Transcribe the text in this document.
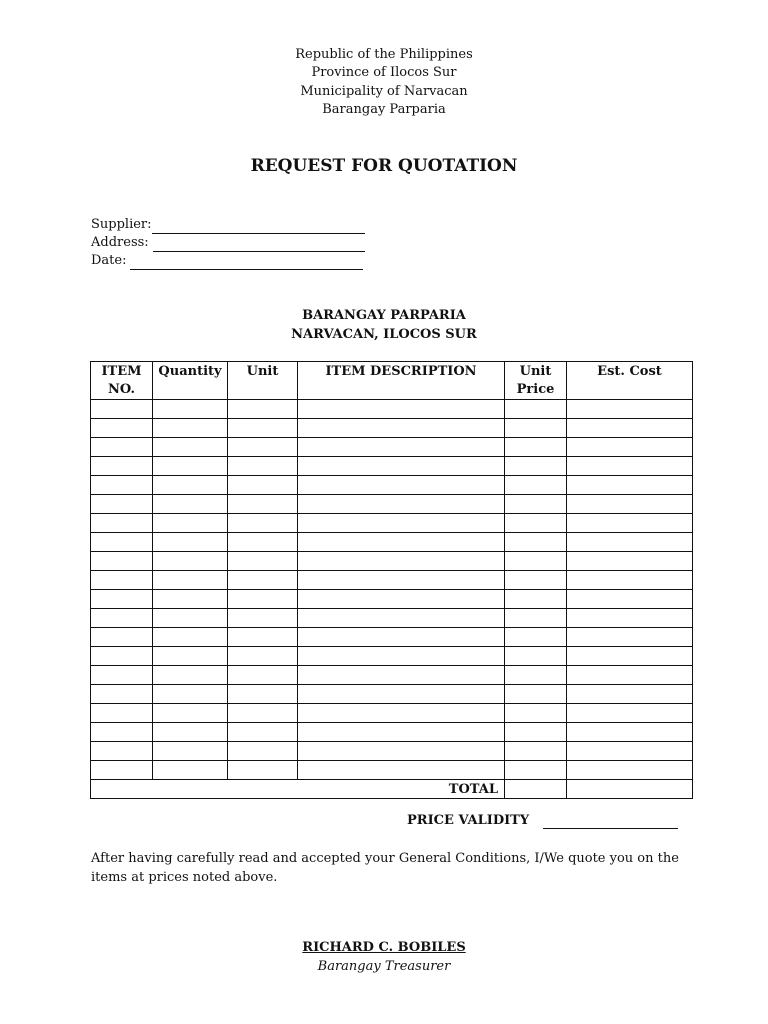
Republic of the Philippines
Province of Ilocos Sur
Municipality of Narvacan
Barangay Parparia
REQUEST FOR QUOTATION
Supplier:
Address:
Date:
BARANGAY PARPARIA
NARVACAN, ILOCOS SUR
ITEM NO.	Quantity	Unit	ITEM DESCRIPTION	Unit Price	Est. Cost

TOTAL					
PRICE VALIDITY
After having carefully read and accepted your General Conditions, I/We quote you on the items at prices noted above.
RICHARD C. BOBILES
Barangay Treasurer
